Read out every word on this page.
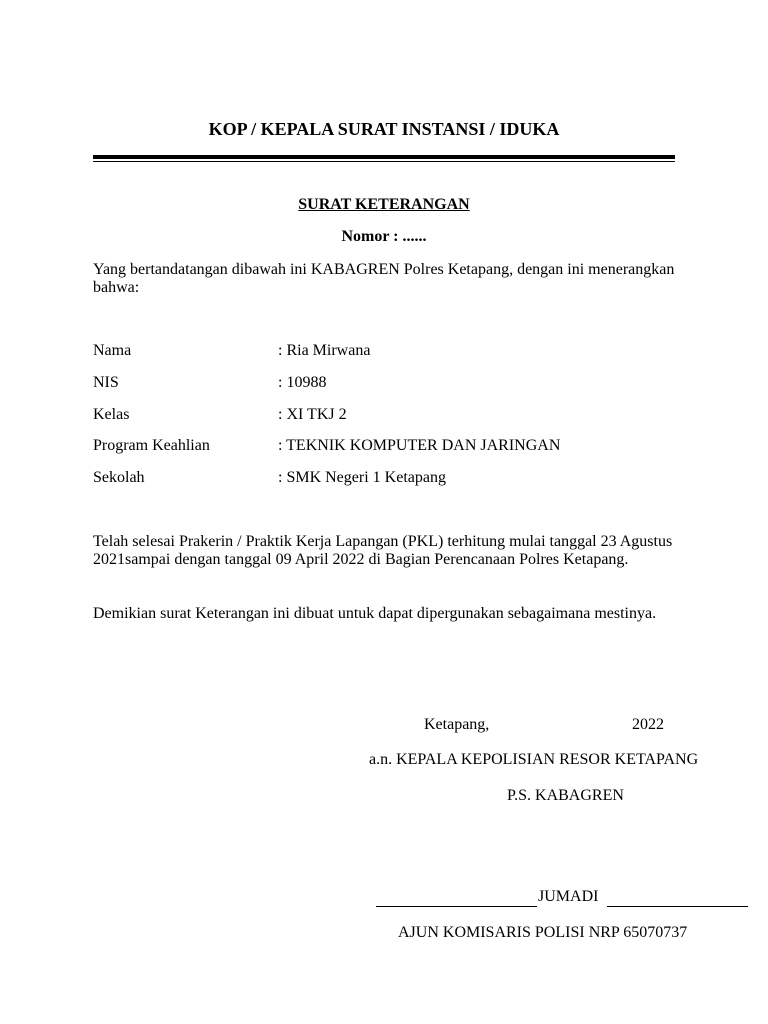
KOP / KEPALA SURAT INSTANSI / IDUKA
SURAT KETERANGAN
Nomor : ......
Yang bertandatangan dibawah ini KABAGREN Polres Ketapang, dengan ini menerangkan bahwa:
Nama	: Ria Mirwana
NIS	: 10988
Kelas	: XI TKJ 2
Program Keahlian	: TEKNIK KOMPUTER DAN JARINGAN
Sekolah	: SMK Negeri 1 Ketapang
Telah selesai Prakerin / Praktik Kerja Lapangan (PKL) terhitung mulai tanggal 23 Agustus 2021sampai dengan tanggal 09 April 2022 di Bagian Perencanaan Polres Ketapang.
Demikian surat Keterangan ini dibuat untuk dapat dipergunakan sebagaimana mestinya.
Ketapang,	2022
a.n. KEPALA KEPOLISIAN RESOR KETAPANG
P.S. KABAGREN
JUMADI
AJUN KOMISARIS POLISI NRP 65070737
